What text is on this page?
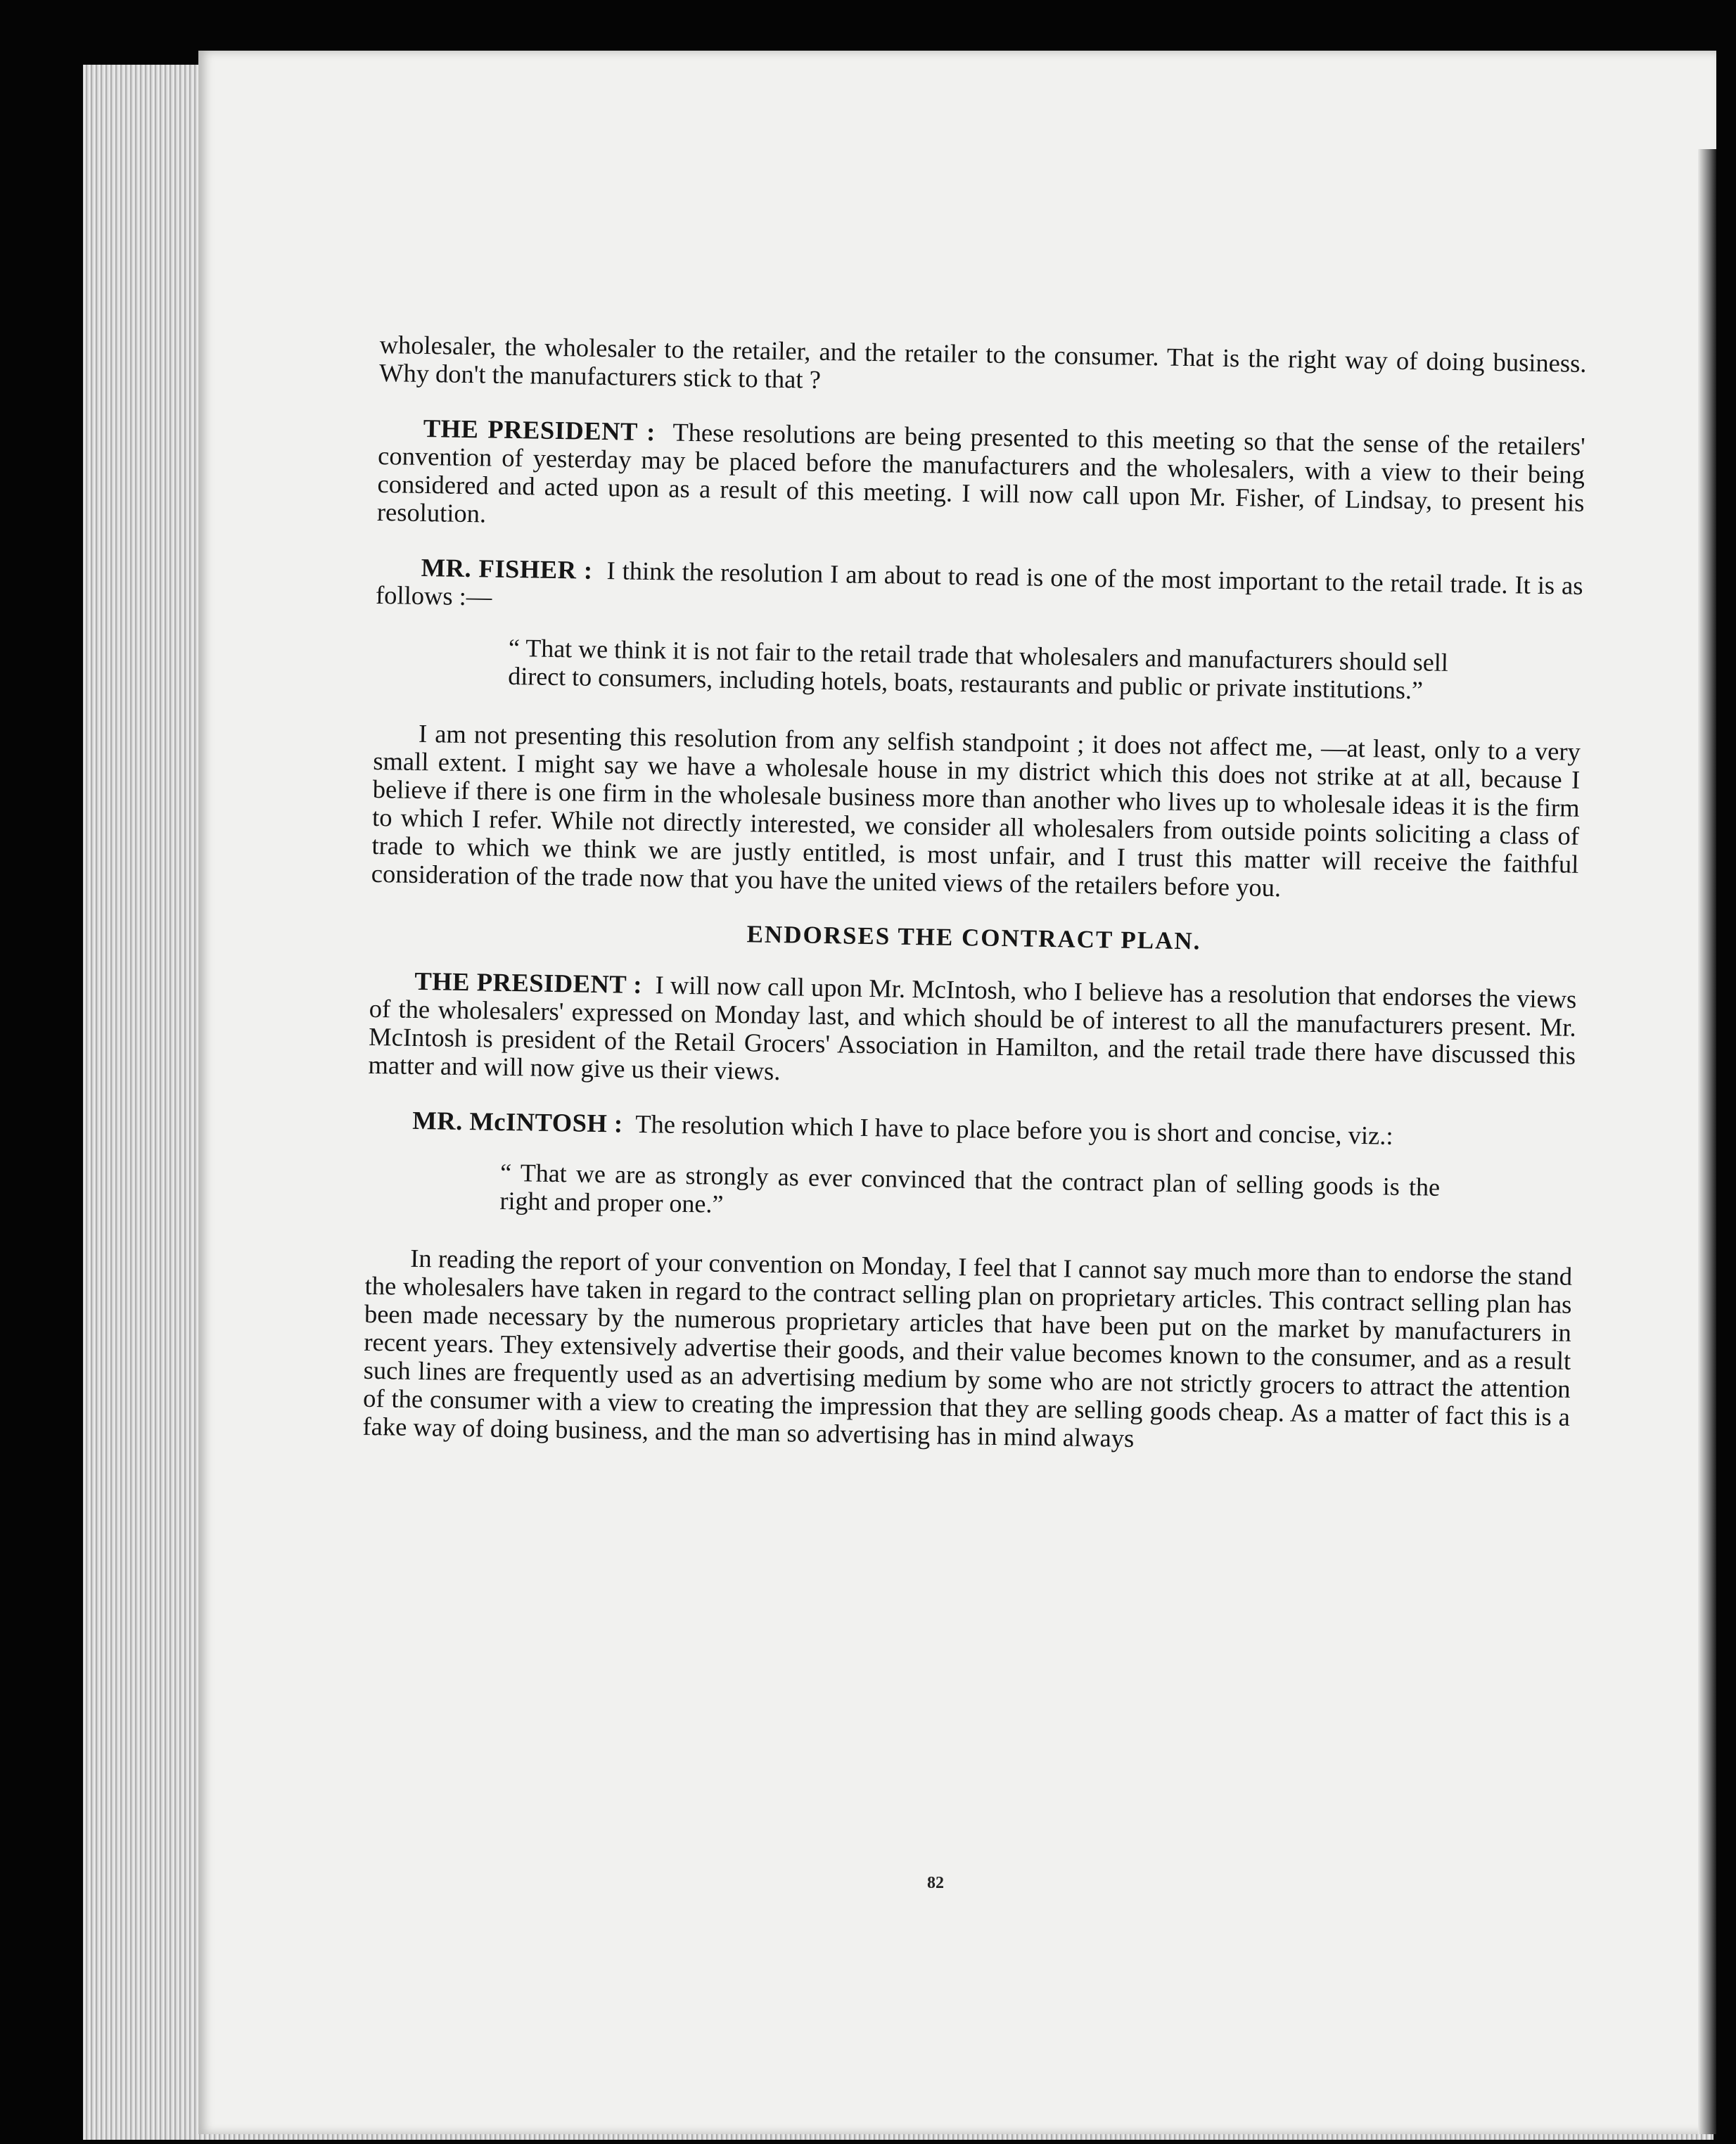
wholesaler, the wholesaler to the retailer, and the retailer to the consumer. That is the right way of doing business. Why don't the manufacturers stick to that ?

THE PRESIDENT : These resolutions are being presented to this meeting so that the sense of the retailers' convention of yesterday may be placed before the manufacturers and the wholesalers, with a view to their being considered and acted upon as a result of this meeting. I will now call upon Mr. Fisher, of Lindsay, to present his resolution.

MR. FISHER : I think the resolution I am about to read is one of the most important to the retail trade. It is as follows :—

“ That we think it is not fair to the retail trade that wholesalers and manufacturers should sell direct to consumers, including hotels, boats, restaurants and public or private institutions.”

I am not presenting this resolution from any selfish standpoint ; it does not affect me, —at least, only to a very small extent. I might say we have a wholesale house in my district which this does not strike at at all, because I believe if there is one firm in the wholesale business more than another who lives up to wholesale ideas it is the firm to which I refer. While not directly interested, we consider all wholesalers from outside points soliciting a class of trade to which we think we are justly entitled, is most unfair, and I trust this matter will receive the faithful consideration of the trade now that you have the united views of the retailers before you.

ENDORSES THE CONTRACT PLAN.

THE PRESIDENT : I will now call upon Mr. McIntosh, who I believe has a resolution that endorses the views of the wholesalers' expressed on Monday last, and which should be of interest to all the manufacturers present. Mr. McIntosh is president of the Retail Grocers' Association in Hamilton, and the retail trade there have discussed this matter and will now give us their views.

MR. McINTOSH : The resolution which I have to place before you is short and concise, viz.:

“ That we are as strongly as ever convinced that the contract plan of selling goods is the right and proper one.”

In reading the report of your convention on Monday, I feel that I cannot say much more than to endorse the stand the wholesalers have taken in regard to the contract selling plan on proprietary articles. This contract selling plan has been made necessary by the numerous proprietary articles that have been put on the market by manufacturers in recent years. They extensively advertise their goods, and their value becomes known to the consumer, and as a result such lines are frequently used as an advertising medium by some who are not strictly grocers to attract the attention of the consumer with a view to creating the impression that they are selling goods cheap. As a matter of fact this is a fake way of doing business, and the man so advertising has in mind always

82
